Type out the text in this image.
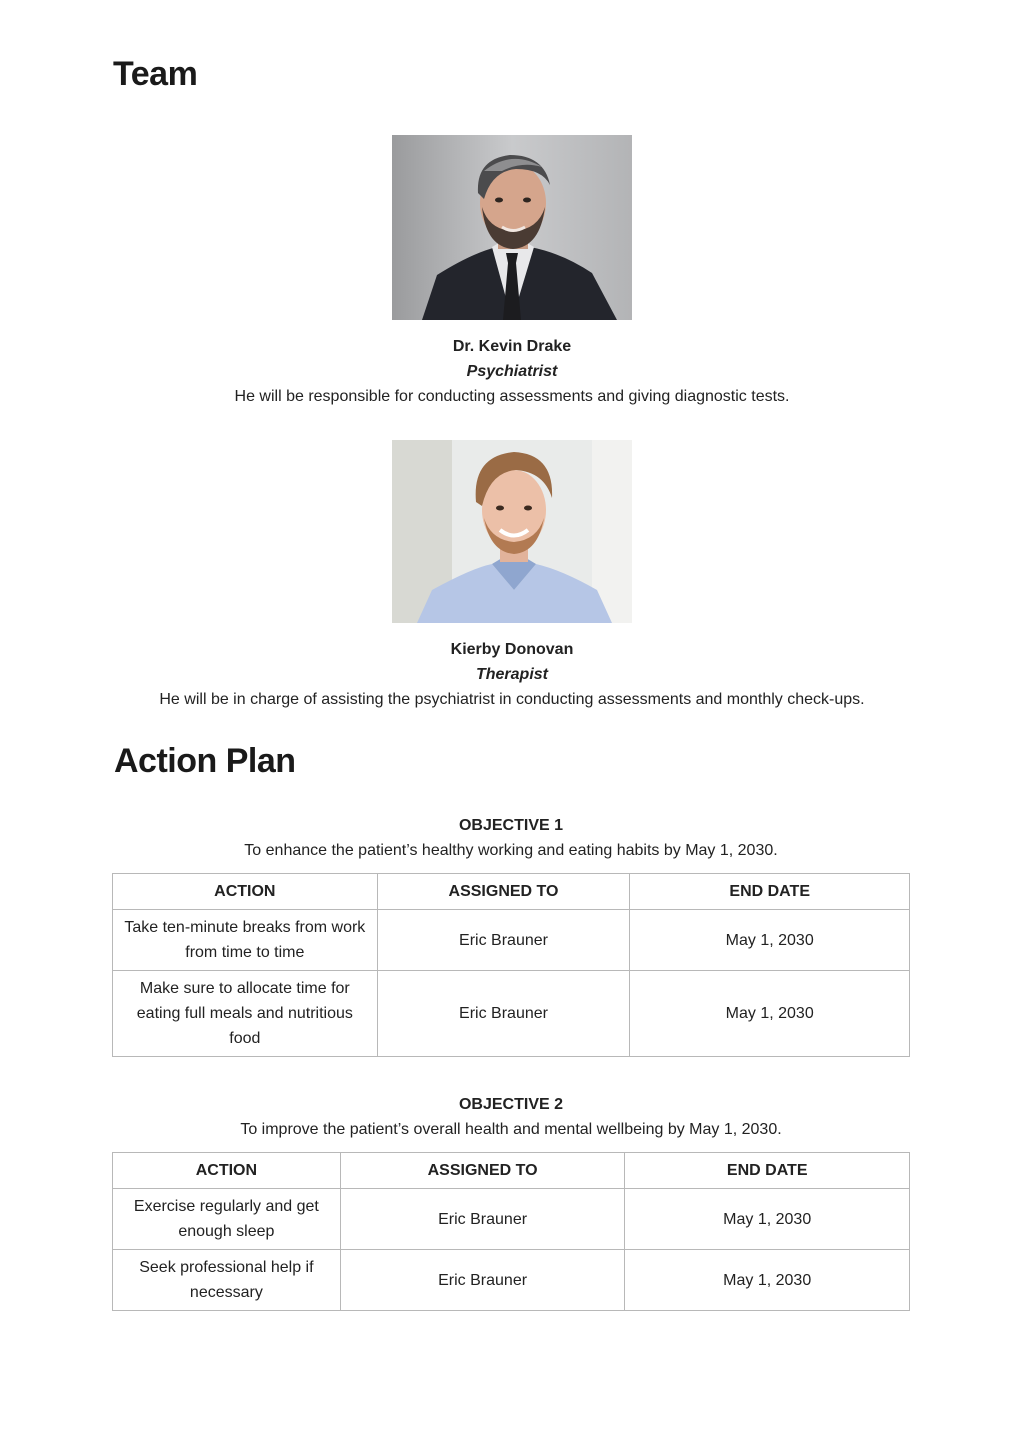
Team
Dr. Kevin Drake
Psychiatrist
He will be responsible for conducting assessments and giving diagnostic tests.
Kierby Donovan
Therapist
He will be in charge of assisting the psychiatrist in conducting assessments and monthly check-ups.
Action Plan
OBJECTIVE 1
To enhance the patient’s healthy working and eating habits by May 1, 2030.
ACTION	ASSIGNED TO	END DATE
Take ten-minute breaks from work from time to time	Eric Brauner	May 1, 2030
Make sure to allocate time for eating full meals and nutritious food	Eric Brauner	May 1, 2030
OBJECTIVE 2
To improve the patient’s overall health and mental wellbeing by May 1, 2030.
ACTION	ASSIGNED TO	END DATE
Exercise regularly and get enough sleep	Eric Brauner	May 1, 2030
Seek professional help if necessary	Eric Brauner	May 1, 2030
